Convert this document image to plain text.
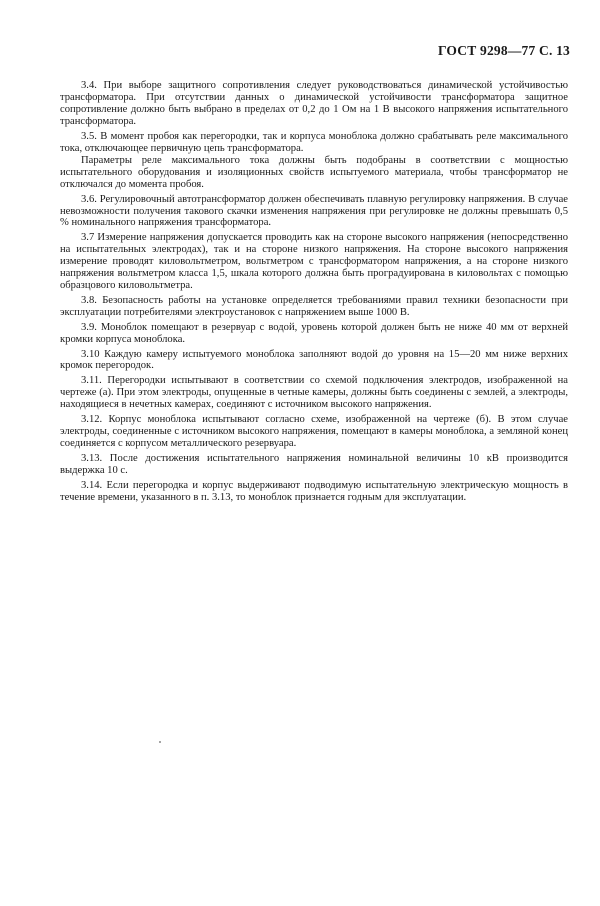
ГОСТ 9298—77 С. 13

3.4. При выборе защитного сопротивления следует руководствоваться динамической устойчивостью трансформатора. При отсутствии данных о динамической устойчивости трансформатора защитное сопротивление должно быть выбрано в пределах от 0,2 до 1 Ом на 1 В высокого напряжения испытательного трансформатора.

3.5. В момент пробоя как перегородки, так и корпуса моноблока должно срабатывать реле максимального тока, отключающее первичную цепь трансформатора.

Параметры реле максимального тока должны быть подобраны в соответствии с мощностью испытательного оборудования и изоляционных свойств испытуемого материала, чтобы трансформатор не отключался до момента пробоя.

3.6. Регулировочный автотрансформатор должен обеспечивать плавную регулировку напряжения. В случае невозможности получения такового скачки изменения напряжения при регулировке не должны превышать 0,5 % номинального напряжения трансформатора.

3.7 Измерение напряжения допускается проводить как на стороне высокого напряжения (непосредственно на испытательных электродах), так и на стороне низкого напряжения. На стороне высокого напряжения измерение проводят киловольтметром, вольтметром с трансформатором напряжения, а на стороне низкого напряжения вольтметром класса 1,5, шкала которого должна быть проградуирована в киловольтах с помощью образцового киловольтметра.

3.8. Безопасность работы на установке определяется требованиями правил техники безопасности при эксплуатации потребителями электроустановок с напряжением выше 1000 В.

3.9. Моноблок помещают в резервуар с водой, уровень которой должен быть не ниже 40 мм от верхней кромки корпуса моноблока.

3.10 Каждую камеру испытуемого моноблока заполняют водой до уровня на 15—20 мм ниже верхних кромок перегородок.

3.11. Перегородки испытывают в соответствии со схемой подключения электродов, изображенной на чертеже (а). При этом электроды, опущенные в четные камеры, должны быть соединены с землей, а электроды, находящиеся в нечетных камерах, соединяют с источником высокого напряжения.

3.12. Корпус моноблока испытывают согласно схеме, изображенной на чертеже (б). В этом случае электроды, соединенные с источником высокого напряжения, помещают в камеры моноблока, а земляной конец соединяется с корпусом металлического резервуара.

3.13. После достижения испытательного напряжения номинальной величины 10 кВ производится выдержка 10 с.

3.14. Если перегородка и корпус выдерживают подводимую испытательную электрическую мощность в течение времени, указанного в п. 3.13, то моноблок признается годным для эксплуатации.
